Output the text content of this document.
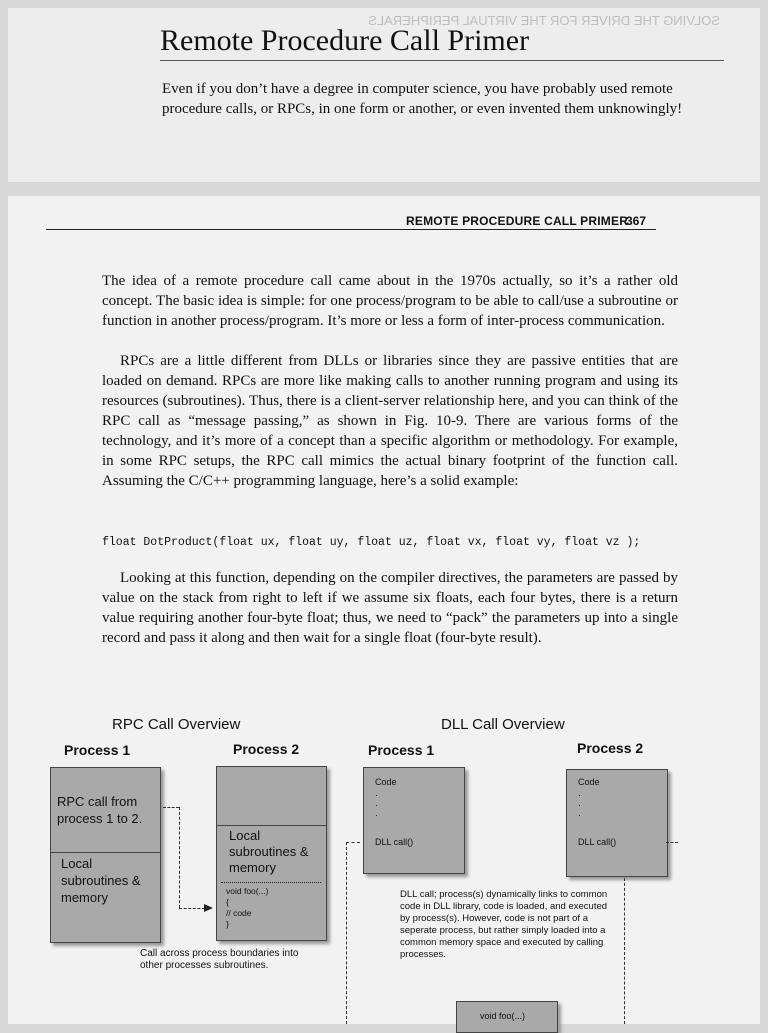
SOLVING THE DRIVER FOR THE VIRTUAL PERIPHERALS
Remote Procedure Call Primer

Even if you don’t have a degree in computer science, you have probably used remote procedure calls, or RPCs, in one form or another, or even invented them unknowingly!

REMOTE PROCEDURE CALL PRIMER
367

The idea of a remote procedure call came about in the 1970s actually, so it’s a rather old concept. The basic idea is simple: for one process/program to be able to call/use a subroutine or function in another process/program. It’s more or less a form of inter-process communication.

RPCs are a little different from DLLs or libraries since they are passive entities that are loaded on demand. RPCs are more like making calls to another running program and using its resources (subroutines). Thus, there is a client-server relationship here, and you can think of the RPC call as “message passing,” as shown in Fig. 10-9. There are various forms of the technology, and it’s more of a concept than a specific algorithm or methodology. For example, in some RPC setups, the RPC call mimics the actual binary footprint of the function call. Assuming the C/C++ programming language, here’s a solid example:

float DotProduct(float ux, float uy, float uz, float vx, float vy, float vz );

Looking at this function, depending on the compiler directives, the parameters are passed by value on the stack from right to left if we assume six floats, each four bytes, there is a return value requiring another four-byte float; thus, we need to “pack” the parameters up into a single record and pass it along and then wait for a single float (four-byte result).

RPC Call Overview
Process 1	Process 2
RPC call from process 1 to 2.
Local subroutines & memory
Local subroutines & memory
void foo(...)
{
// code
}
Call across process boundaries into other processes subroutines.
DLL Call Overview
Process 1	Process 2
Code
·
·
·
DLL call()
Code
·
·
·
DLL call()
DLL call; process(s) dynamically links to common code in DLL library, code is loaded, and executed by process(s). However, code is not part of a seperate process, but rather simply loaded into a common memory space and executed by calling processes.
void foo(...)
